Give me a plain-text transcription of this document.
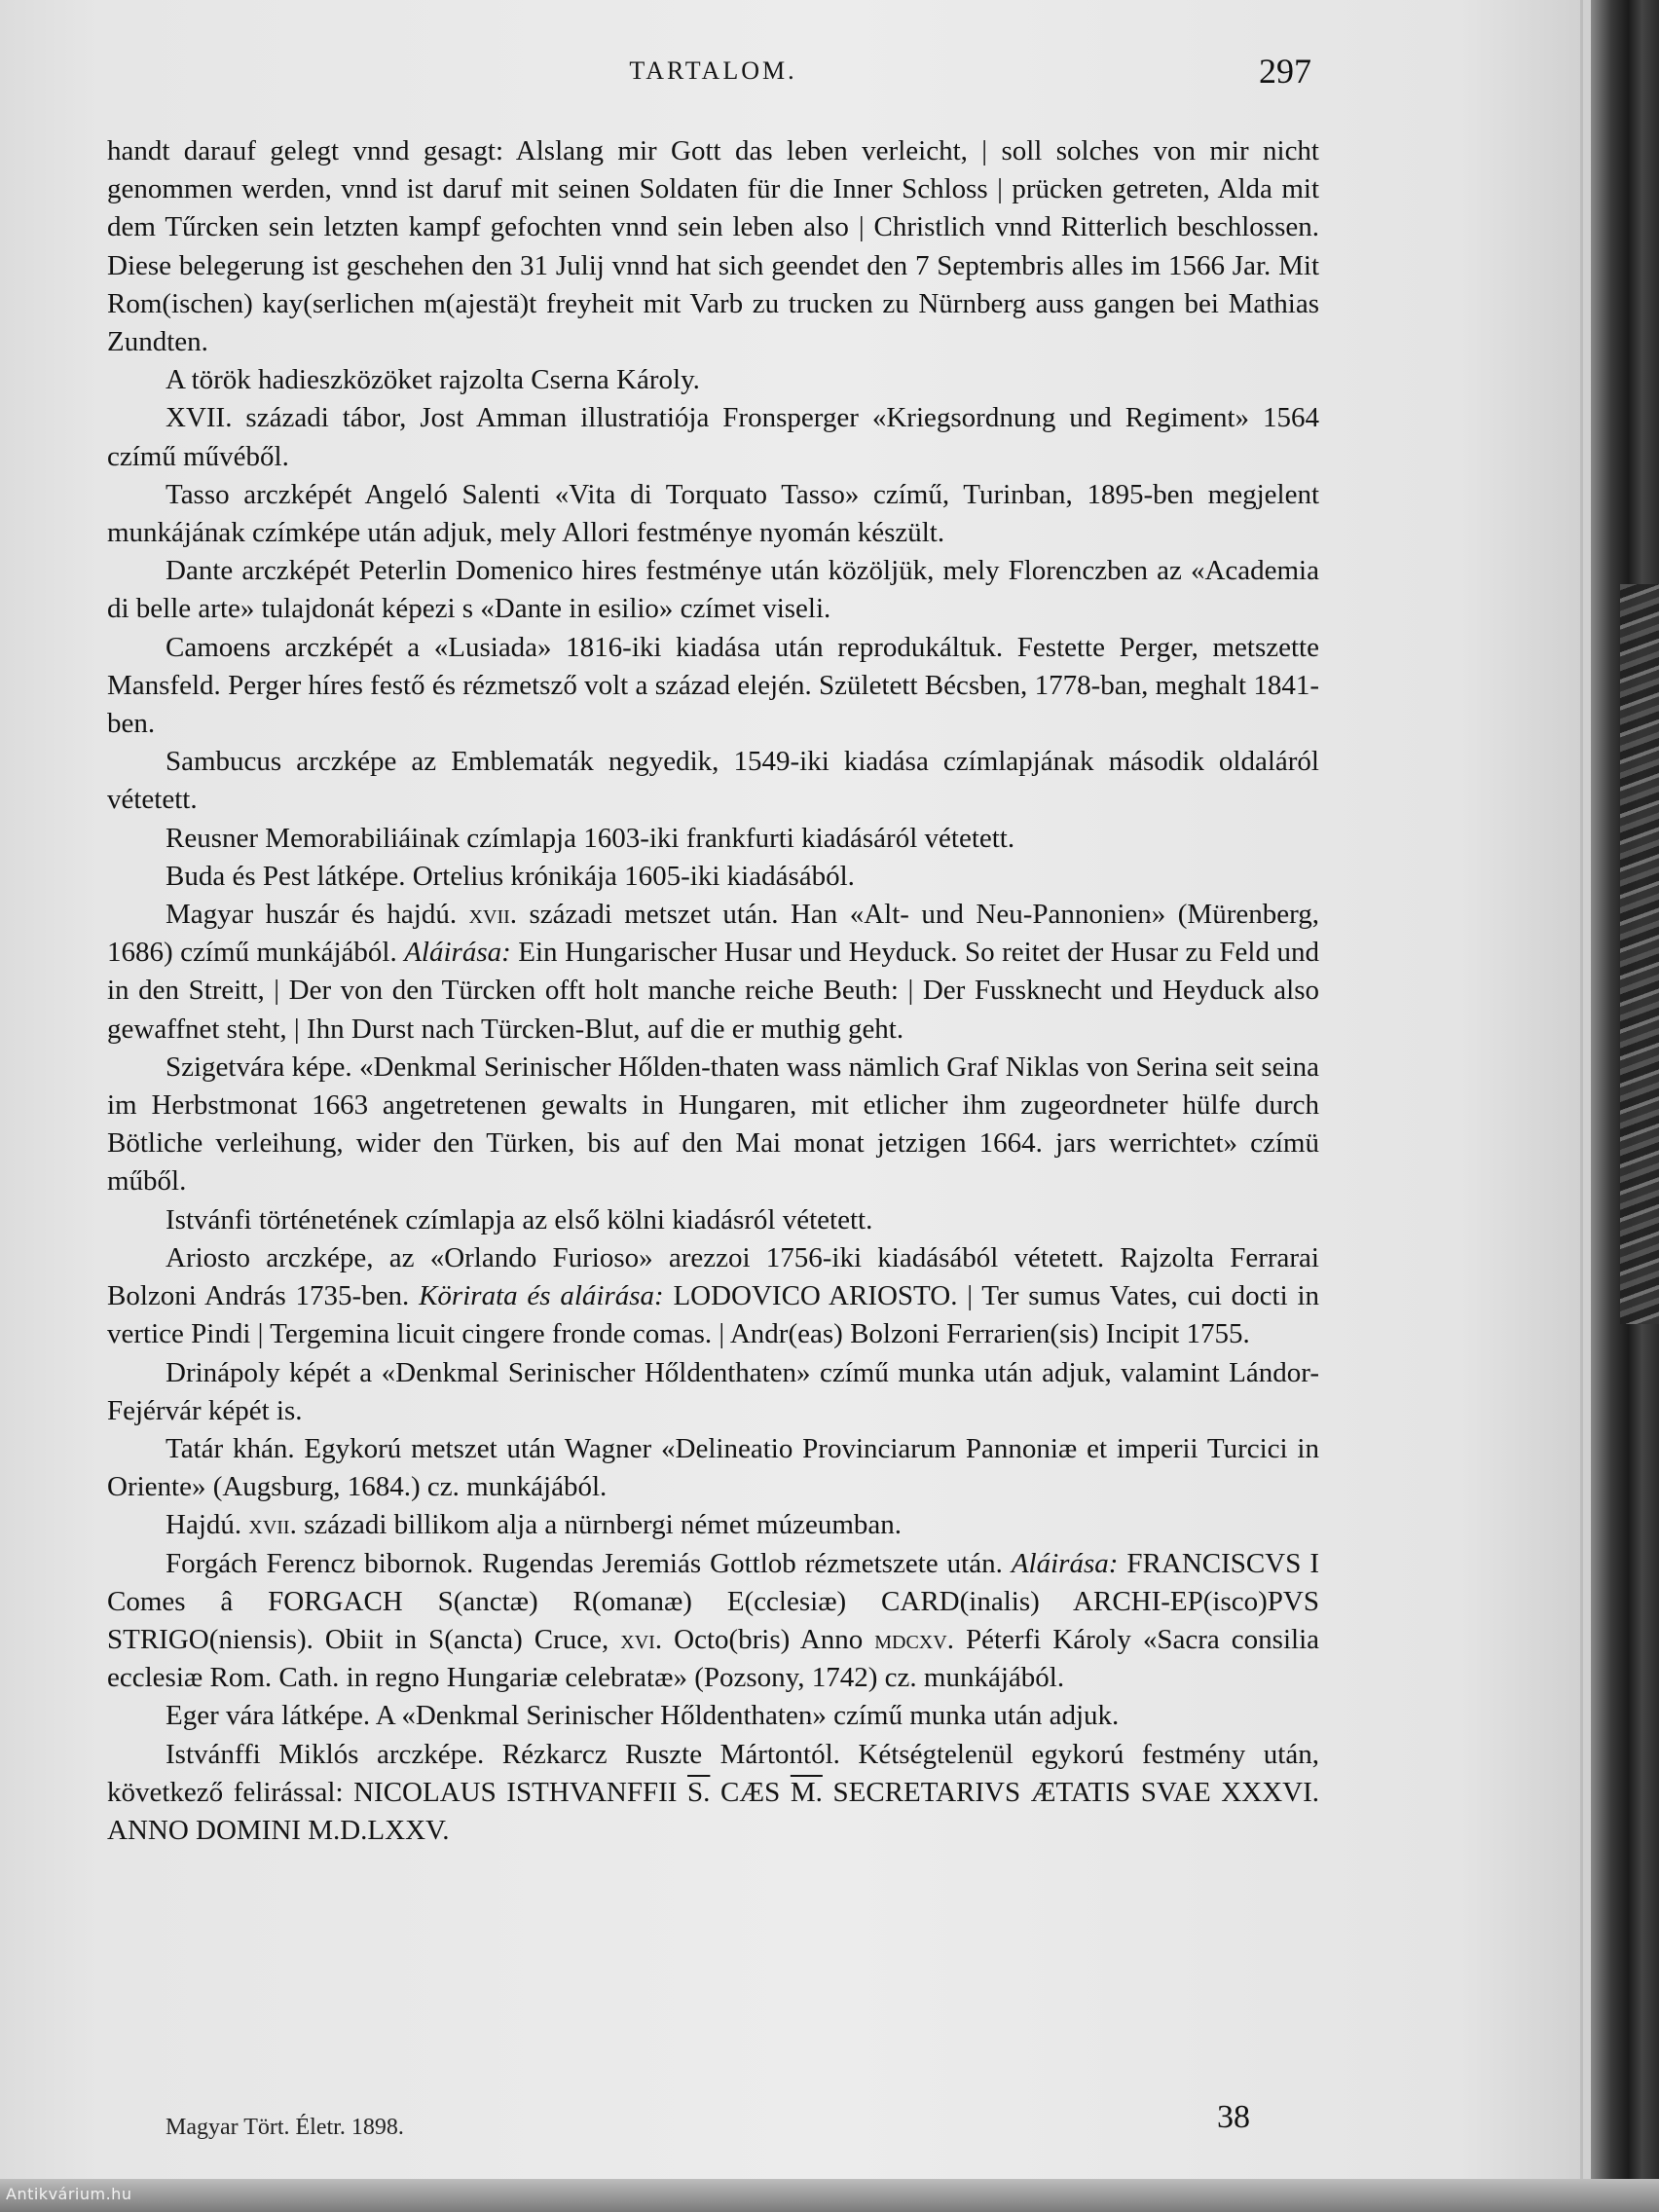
TARTALOM.	297

handt darauf gelegt vnnd gesagt: Alslang mir Gott das leben verleicht, | soll solches von mir nicht genommen werden, vnnd ist daruf mit seinen Soldaten für die Inner Schloss | prücken getreten, Alda mit dem Tűrcken sein letzten kampf gefochten vnnd sein leben also | Christlich vnnd Ritterlich beschlossen. Diese belegerung ist geschehen den 31 Julij vnnd hat sich geendet den 7 Septembris alles im 1566 Jar. Mit Rom(ischen) kay(serlichen m(ajestä)t freyheit mit Varb zu trucken zu Nürnberg auss gangen bei Mathias Zundten.

A török hadieszközöket rajzolta Cserna Károly.

XVII. századi tábor, Jost Amman illustratiója Fronsperger «Kriegsordnung und Regiment» 1564 czímű művéből.

Tasso arczképét Angeló Salenti «Vita di Torquato Tasso» czímű, Turinban, 1895-ben megjelent munkájának czímképe után adjuk, mely Allori festménye nyomán készült.

Dante arczképét Peterlin Domenico hires festménye után közöljük, mely Florenczben az «Academia di belle arte» tulajdonát képezi s «Dante in esilio» czímet viseli.

Camoens arczképét a «Lusiada» 1816-iki kiadása után reprodukáltuk. Festette Perger, metszette Mansfeld. Perger híres festő és rézmetsző volt a század elején. Született Bécsben, 1778-ban, meghalt 1841-ben.

Sambucus arczképe az Emblematák negyedik, 1549-iki kiadása czímlapjának második oldaláról vétetett.

Reusner Memorabiliáinak czímlapja 1603-iki frankfurti kiadásáról vétetett.

Buda és Pest látképe. Ortelius krónikája 1605-iki kiadásából.

Magyar huszár és hajdú. xvii. századi metszet után. Han «Alt- und Neu-Pannonien» (Mürenberg, 1686) czímű munkájából. Aláirása: Ein Hungarischer Husar und Heyduck. So reitet der Husar zu Feld und in den Streitt, | Der von den Türcken offt holt manche reiche Beuth: | Der Fussknecht und Heyduck also gewaffnet steht, | Ihn Durst nach Türcken-Blut, auf die er muthig geht.

Szigetvára képe. «Denkmal Serinischer Hőlden-thaten wass nämlich Graf Niklas von Serina seit seina im Herbstmonat 1663 angetretenen gewalts in Hungaren, mit etlicher ihm zugeordneter hülfe durch Bötliche verleihung, wider den Türken, bis auf den Mai monat jetzigen 1664. jars werrichtet» czímü műből.

Istvánfi történetének czímlapja az első kölni kiadásról vétetett.

Ariosto arczképe, az «Orlando Furioso» arezzoi 1756-iki kiadásából vétetett. Rajzolta Ferrarai Bolzoni András 1735-ben. Körirata és aláirása: LODOVICO ARIOSTO. | Ter sumus Vates, cui docti in vertice Pindi | Tergemina licuit cingere fronde comas. | Andr(eas) Bolzoni Ferrarien(sis) Incipit 1755.

Drinápoly képét a «Denkmal Serinischer Hőldenthaten» czímű munka után adjuk, valamint Lándor-Fejérvár képét is.

Tatár khán. Egykorú metszet után Wagner «Delineatio Provinciarum Pannoniæ et imperii Turcici in Oriente» (Augsburg, 1684.) cz. munkájából.

Hajdú. xvii. századi billikom alja a nürnbergi német múzeumban.

Forgách Ferencz bibornok. Rugendas Jeremiás Gottlob rézmetszete után. Aláirása: FRANCISCVS I Comes â FORGACH S(anctæ) R(omanæ) E(cclesiæ) CARD(inalis) ARCHI-EP(isco)PVS STRIGO(niensis). Obiit in S(ancta) Cruce, xvi. Octo(bris) Anno mdcxv. Péterfi Károly «Sacra consilia ecclesiæ Rom. Cath. in regno Hungariæ celebratæ» (Pozsony, 1742) cz. munkájából.

Eger vára látképe. A «Denkmal Serinischer Hőldenthaten» czímű munka után adjuk.

Istvánffi Miklós arczképe. Rézkarcz Ruszte Mártontól. Kétségtelenül egykorú festmény után, következő felirással: NICOLAUS ISTHVANFFII S. CÆS M. SECRETARIVS ÆTATIS SVAE XXXVI. ANNO DOMINI M.D.LXXV.

Magyar Tört. Életr. 1898.	38
Antikvárium.hu
